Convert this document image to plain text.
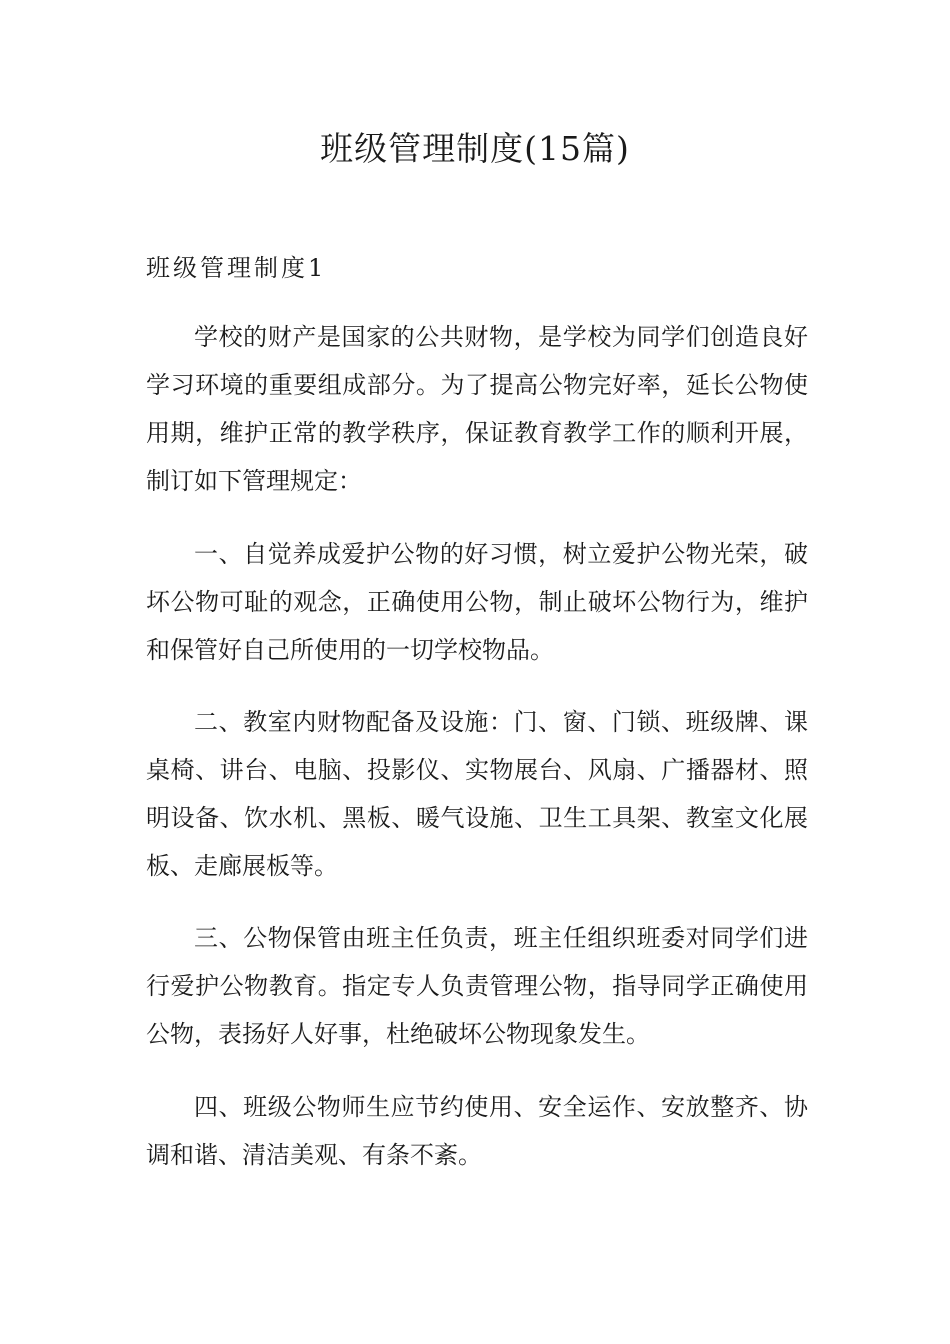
班级管理制度(15篇)
班级管理制度1

学校的财产是国家的公共财物，是学校为同学们创造良好学习环境的重要组成部分。为了提高公物完好率，延长公物使用期，维护正常的教学秩序，保证教育教学工作的顺利开展，制订如下管理规定：

一、自觉养成爱护公物的好习惯，树立爱护公物光荣，破坏公物可耻的观念，正确使用公物，制止破坏公物行为，维护和保管好自己所使用的一切学校物品。

二、教室内财物配备及设施：门、窗、门锁、班级牌、课桌椅、讲台、电脑、投影仪、实物展台、风扇、广播器材、照明设备、饮水机、黑板、暖气设施、卫生工具架、教室文化展板、走廊展板等。

三、公物保管由班主任负责，班主任组织班委对同学们进行爱护公物教育。指定专人负责管理公物，指导同学正确使用公物，表扬好人好事，杜绝破坏公物现象发生。

四、班级公物师生应节约使用、安全运作、安放整齐、协调和谐、清洁美观、有条不紊。
